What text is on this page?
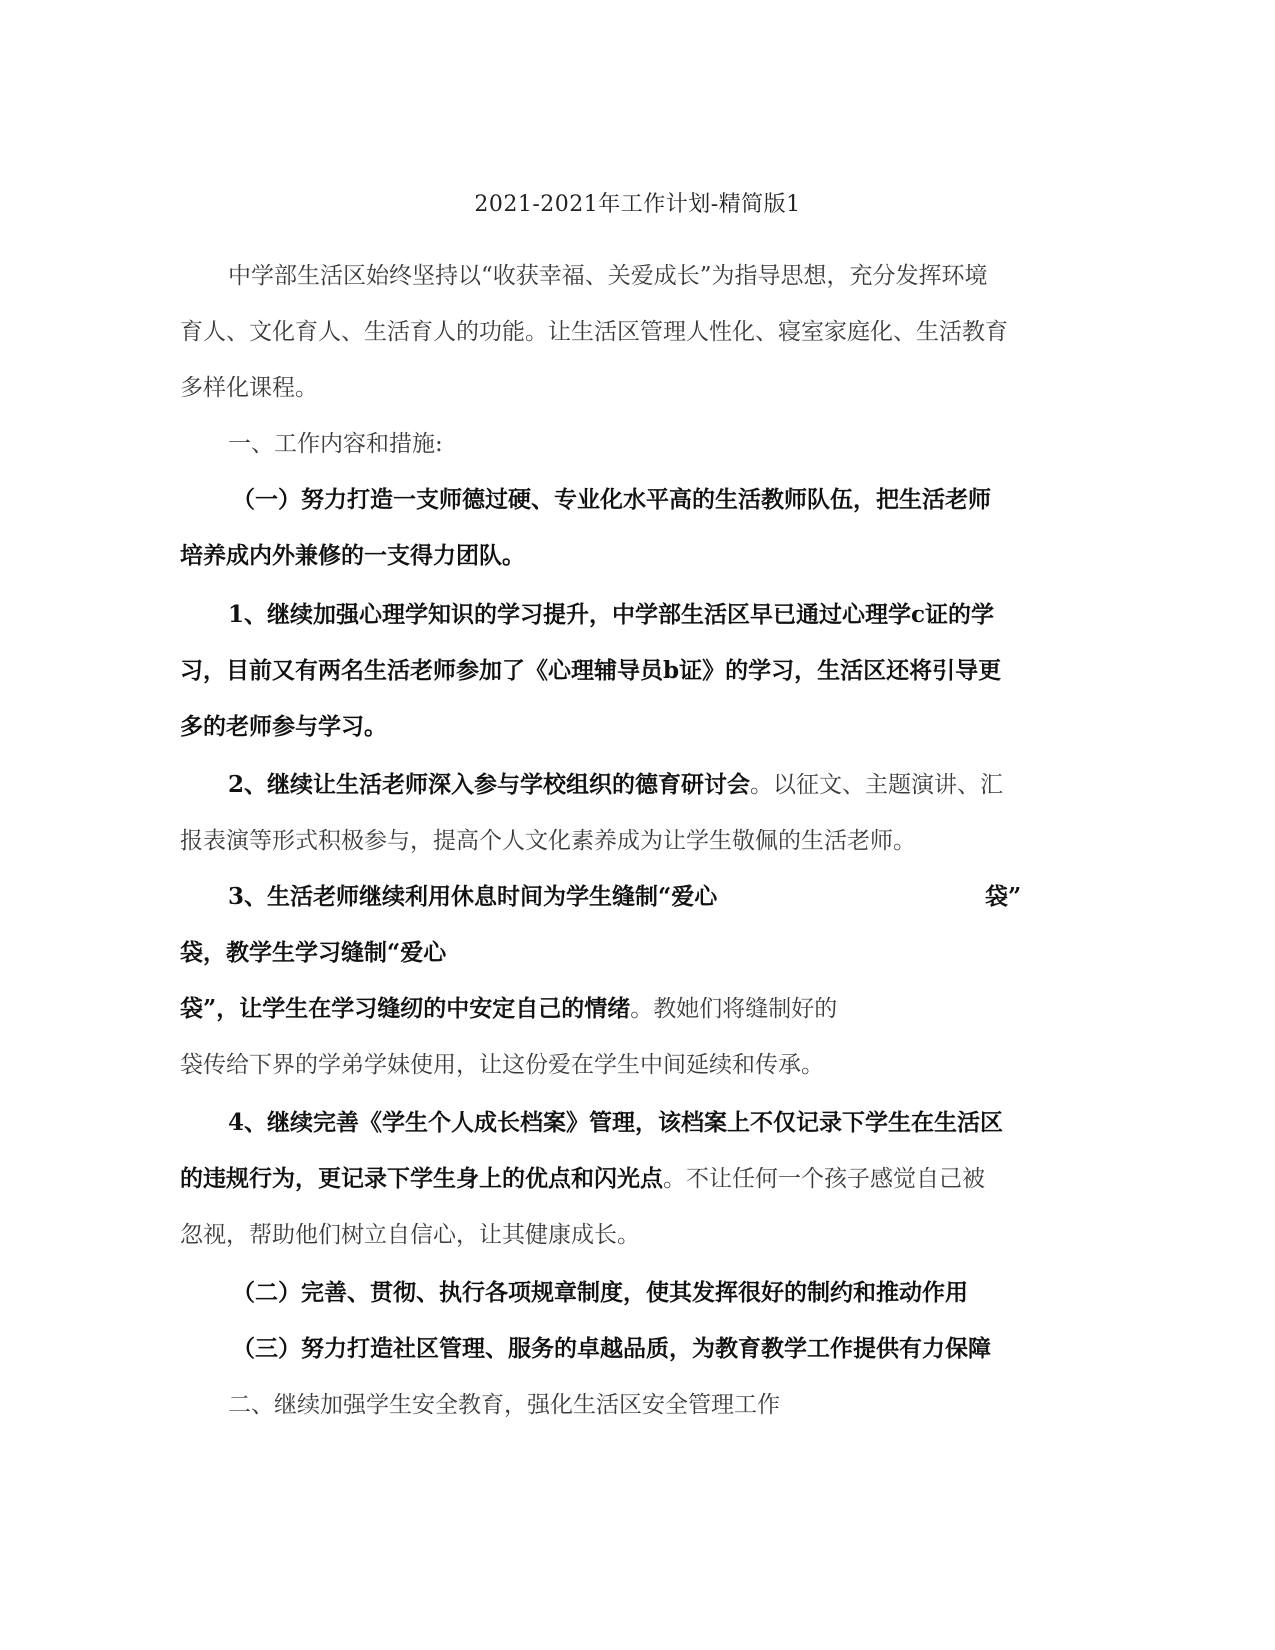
2021-2021年工作计划-精简版1
中学部生活区始终坚持以“收获幸福、关爱成长”为指导思想，充分发挥环境
育人、文化育人、生活育人的功能。让生活区管理人性化、寝室家庭化、生活教育
多样化课程。
一、工作内容和措施:
（一）努力打造一支师德过硬、专业化水平高的生活教师队伍，把生活老师
培养成内外兼修的一支得力团队。
1、继续加强心理学知识的学习提升，中学部生活区早已通过心理学c证的学
习，目前又有两名生活老师参加了《心理辅导员b证》的学习，生活区还将引导更
多的老师参与学习。
2、继续让生活老师深入参与学校组织的德育研讨会。以征文、主题演讲、汇
报表演等形式积极参与，提高个人文化素养成为让学生敬佩的生活老师。
3、生活老师继续利用休息时间为学生缝制“爱心	袋”
袋，教学生学习缝制“爱心
袋”，让学生在学习缝纫的中安定自己的情绪。教她们将缝制好的
袋传给下界的学弟学妹使用，让这份爱在学生中间延续和传承。
4、继续完善《学生个人成长档案》管理，该档案上不仅记录下学生在生活区
的违规行为，更记录下学生身上的优点和闪光点。不让任何一个孩子感觉自己被
忽视，帮助他们树立自信心，让其健康成长。
（二）完善、贯彻、执行各项规章制度，使其发挥很好的制约和推动作用
（三）努力打造社区管理、服务的卓越品质，为教育教学工作提供有力保障
二、继续加强学生安全教育，强化生活区安全管理工作
